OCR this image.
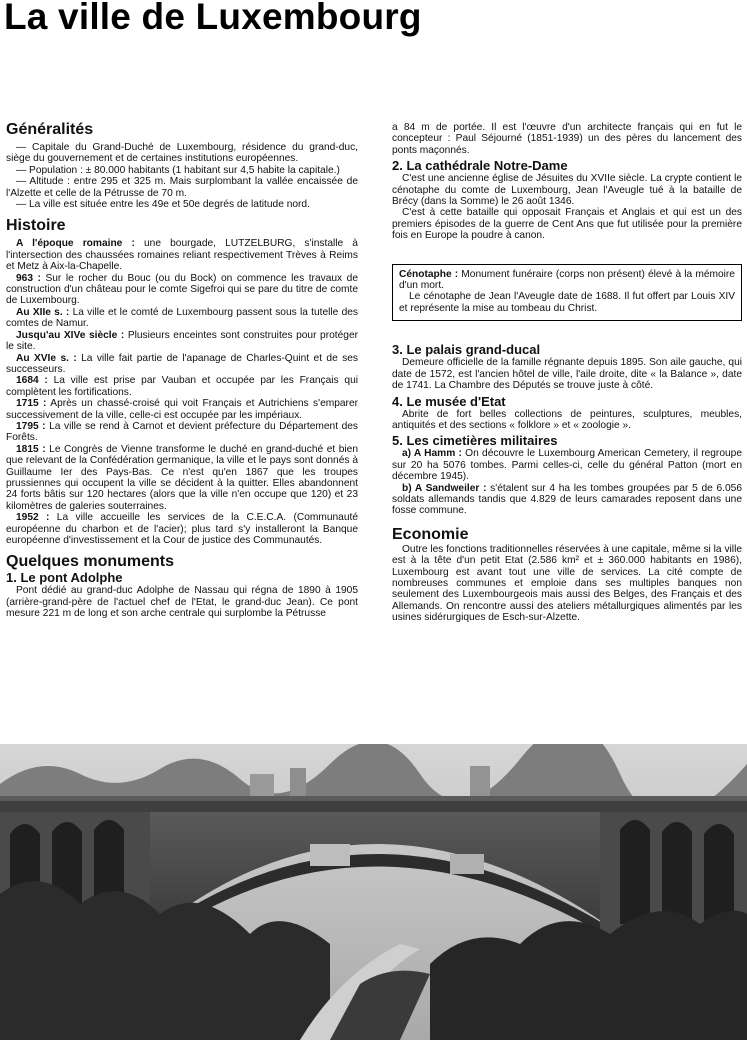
La ville de Luxembourg
Généralités

— Capitale du Grand-Duché de Luxembourg, résidence du grand-duc, siège du gouvernement et de certaines institutions européennes.

— Population : ± 80.000 habitants (1 habitant sur 4,5 habite la capitale.)

— Altitude : entre 295 et 325 m. Mais surplombant la vallée encaissée de l'Alzette et celle de la Pétrusse de 70 m.

— La ville est située entre les 49e et 50e degrés de latitude nord.

Histoire

A l'époque romaine : une bourgade, LUTZELBURG, s'installe à l'intersection des chaussées romaines reliant respectivement Trèves à Reims et Metz à Aix-la-Chapelle.

963 : Sur le rocher du Bouc (ou du Bock) on commence les travaux de construction d'un château pour le comte Sigefroi qui se pare du titre de comte de Luxembourg.

Au XIIe s. : La ville et le comté de Luxembourg passent sous la tutelle des comtes de Namur.

Jusqu'au XIVe siècle : Plusieurs enceintes sont construites pour protéger le site.

Au XVIe s. : La ville fait partie de l'apanage de Charles-Quint et de ses successeurs.

1684 : La ville est prise par Vauban et occupée par les Français qui complètent les fortifications.

1715 : Après un chassé-croisé qui voit Français et Autrichiens s'emparer successivement de la ville, celle-ci est occupée par les impériaux.

1795 : La ville se rend à Carnot et devient préfecture du Département des Forêts.

1815 : Le Congrès de Vienne transforme le duché en grand-duché et bien que relevant de la Confédération germanique, la ville et le pays sont donnés à Guillaume Ier des Pays-Bas. Ce n'est qu'en 1867 que les troupes prussiennes qui occupent la ville se décident à la quitter. Elles abandonnent 24 forts bâtis sur 120 hectares (alors que la ville n'en occupe que 120) et 23 kilomètres de galeries souterraines.

1952 : La ville accueille les services de la C.E.C.A. (Communauté européenne du charbon et de l'acier); plus tard s'y installeront la Banque européenne d'investissement et la Cour de justice des Communautés.

Quelques monuments
1. Le pont Adolphe

Pont dédié au grand-duc Adolphe de Nassau qui régna de 1890 à 1905 (arrière-grand-père de l'actuel chef de l'Etat, le grand-duc Jean). Ce pont mesure 221 m de long et son arche centrale qui surplombe la Pétrusse

a 84 m de portée. Il est l'œuvre d'un architecte français qui en fut le concepteur : Paul Séjourné (1851-1939) un des pères du lancement des ponts maçonnés.

2. La cathédrale Notre-Dame

C'est une ancienne église de Jésuites du XVIIe siècle. La crypte contient le cénotaphe du comte de Luxembourg, Jean l'Aveugle tué à la bataille de Brécy (dans la Somme) le 26 août 1346.

C'est à cette bataille qui opposait Français et Anglais et qui est un des premiers épisodes de la guerre de Cent Ans que fut utilisée pour la première fois en Europe la poudre à canon.

Cénotaphe : Monument funéraire (corps non présent) élevé à la mémoire d'un mort.

Le cénotaphe de Jean l'Aveugle date de 1688. Il fut offert par Louis XIV et représente la mise au tombeau du Christ.

3. Le palais grand-ducal

Demeure officielle de la famille régnante depuis 1895. Son aile gauche, qui date de 1572, est l'ancien hôtel de ville, l'aile droite, dite « la Balance », date de 1741. La Chambre des Députés se trouve juste à côté.

4. Le musée d'Etat

Abrite de fort belles collections de peintures, sculptures, meubles, antiquités et des sections « folklore » et « zoologie ».

5. Les cimetières militaires

a) A Hamm : On découvre le Luxembourg American Cemetery, il regroupe sur 20 ha 5076 tombes. Parmi celles-ci, celle du général Patton (mort en décembre 1945).

b) A Sandweiler : s'étalent sur 4 ha les tombes groupées par 5 de 6.056 soldats allemands tandis que 4.829 de leurs camarades reposent dans une fosse commune.

Economie

Outre les fonctions traditionnelles réservées à une capitale, même si la ville est à la tête d'un petit Etat (2.586 km² et ± 360.000 habitants en 1986), Luxembourg est avant tout une ville de services. La cité compte de nombreuses communes et emploie dans ses multiples banques non seulement des Luxembourgeois mais aussi des Belges, des Français et des Allemands. On rencontre aussi des ateliers métallurgiques alimentés par les usines sidérurgiques de Esch-sur-Alzette.
